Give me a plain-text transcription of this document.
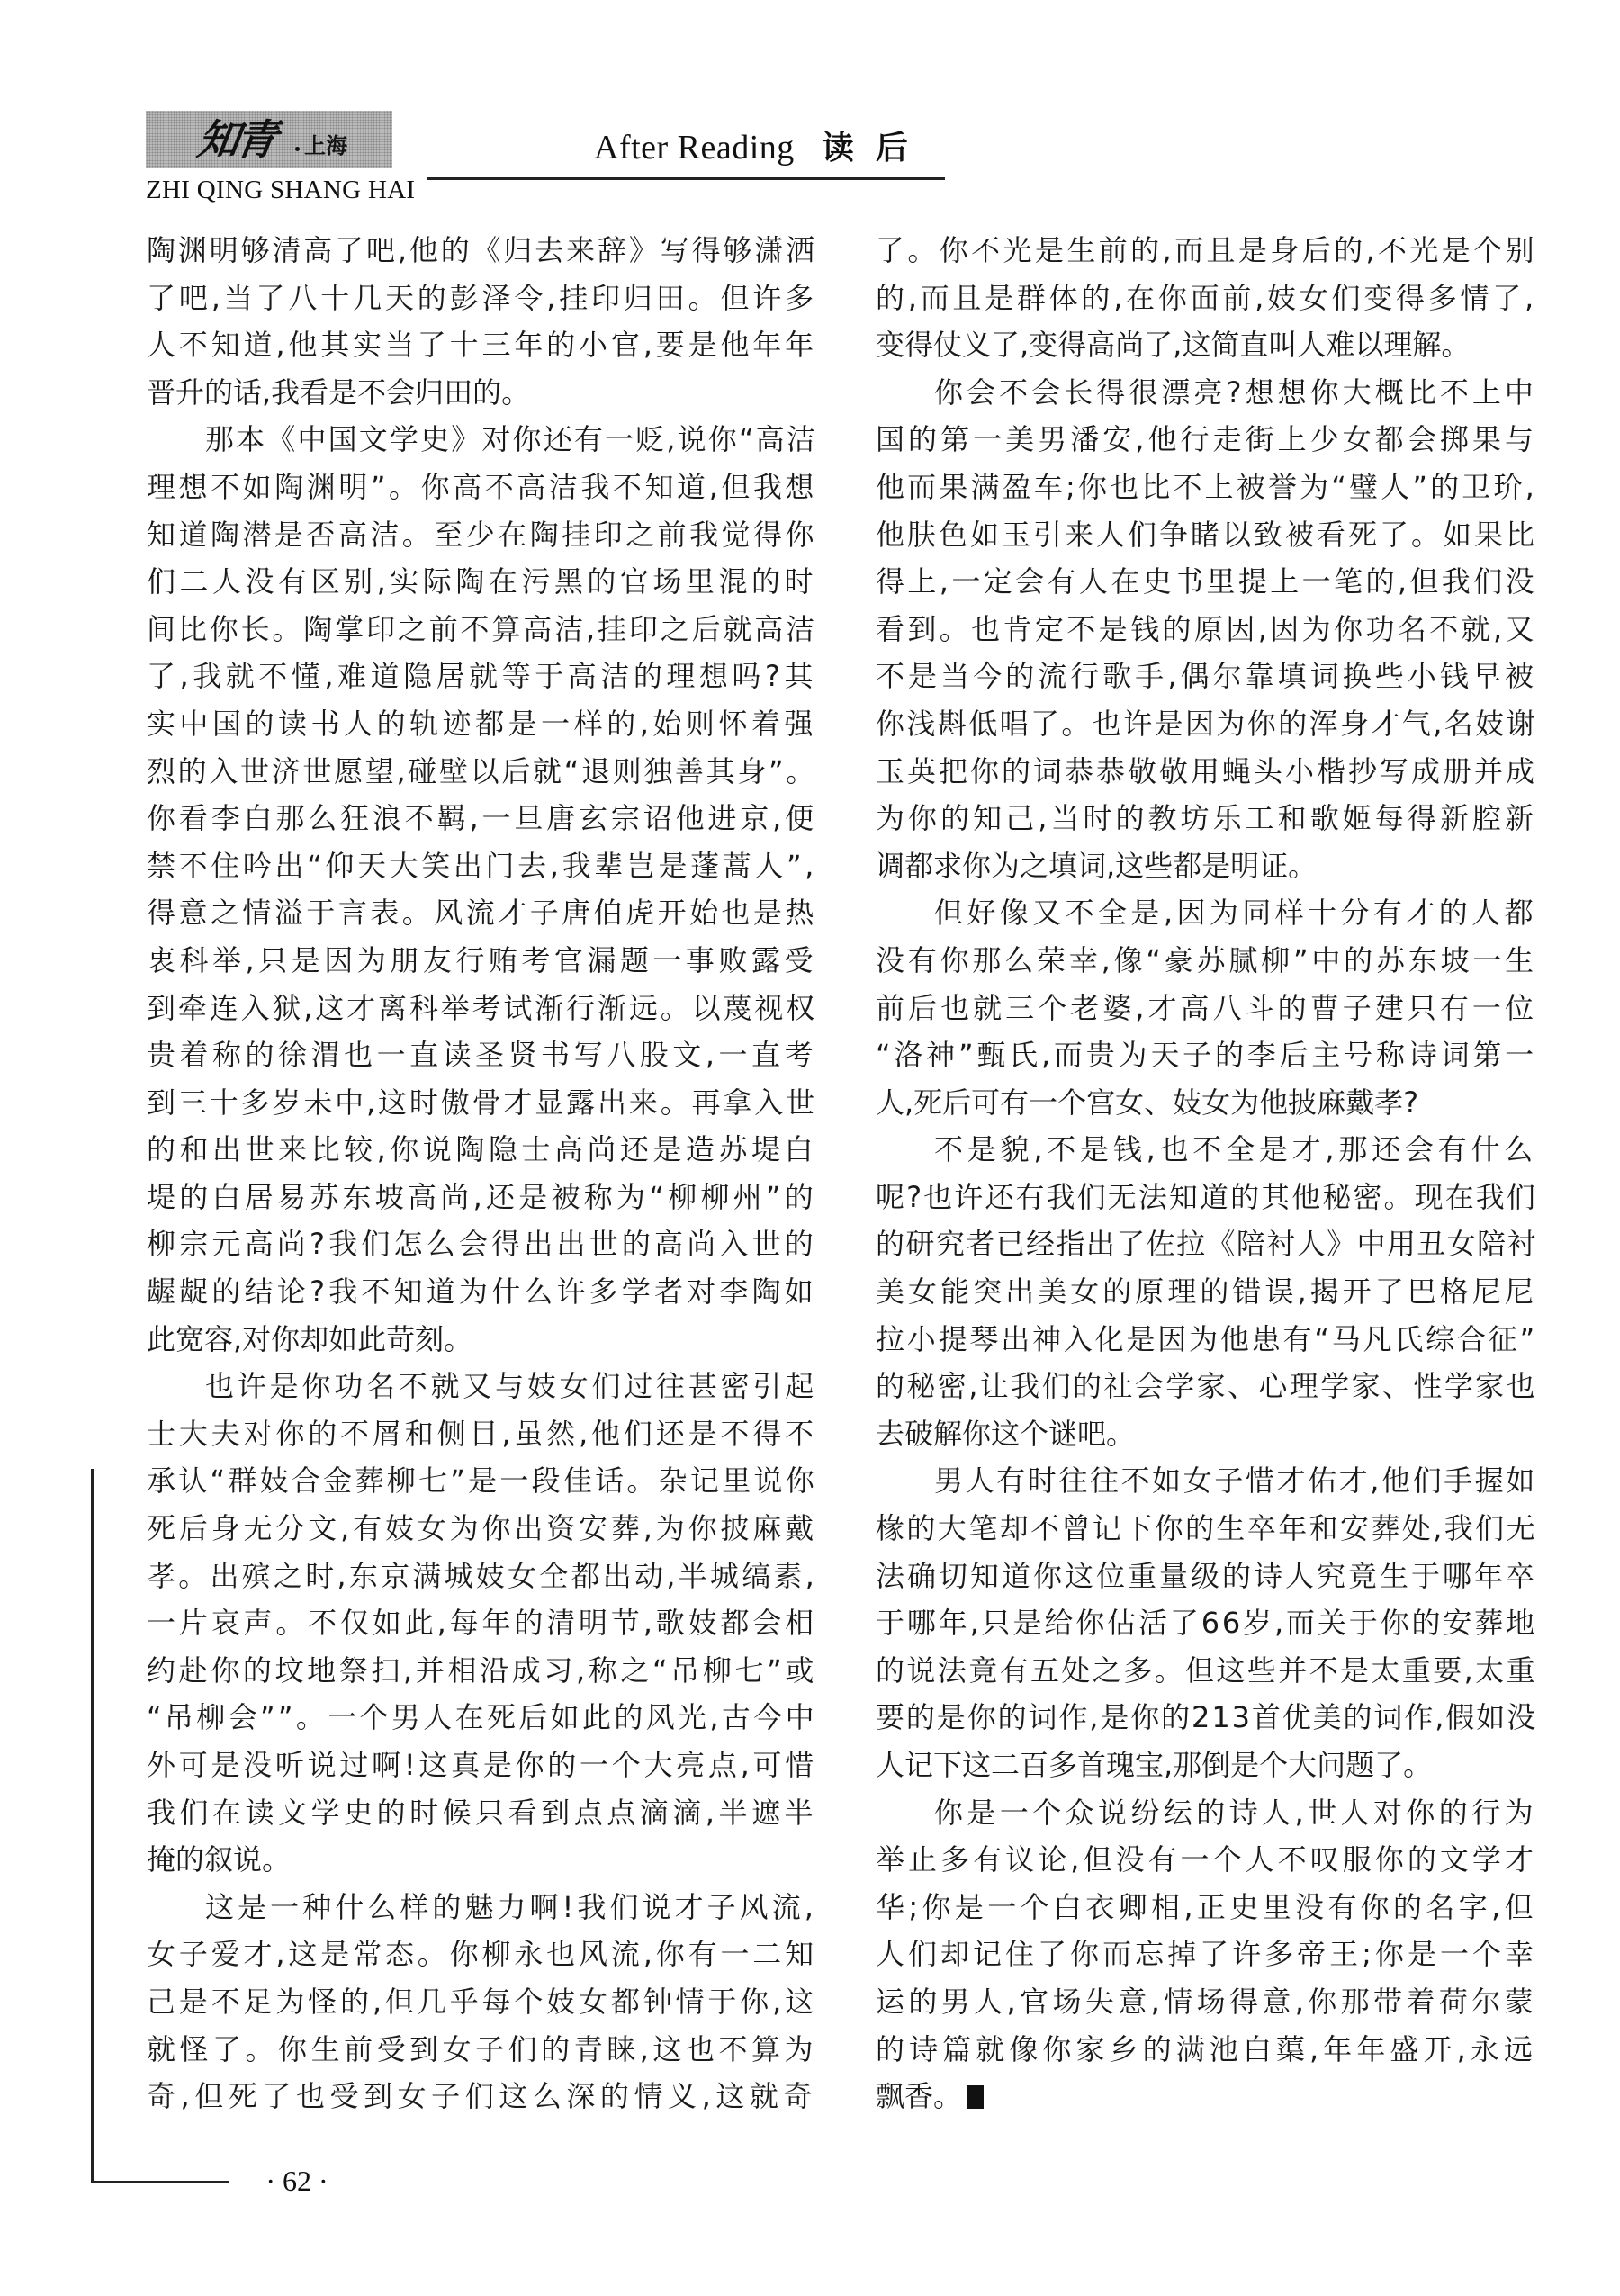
知青 上海
ZHI QING SHANG HAI
After Reading 读后
陶渊明够清高了吧,他的《归去来辞》写得够潇洒
了吧,当了八十几天的彭泽令,挂印归田。但许多
人不知道,他其实当了十三年的小官,要是他年年
晋升的话,我看是不会归田的。
那本《中国文学史》对你还有一贬,说你“高洁
理想不如陶渊明”。你高不高洁我不知道,但我想
知道陶潜是否高洁。至少在陶挂印之前我觉得你
们二人没有区别,实际陶在污黑的官场里混的时
间比你长。陶掌印之前不算高洁,挂印之后就高洁
了,我就不懂,难道隐居就等于高洁的理想吗?其
实中国的读书人的轨迹都是一样的,始则怀着强
烈的入世济世愿望,碰壁以后就“退则独善其身”。
你看李白那么狂浪不羁,一旦唐玄宗诏他进京,便
禁不住吟出“仰天大笑出门去,我辈岂是蓬蒿人”,
得意之情溢于言表。风流才子唐伯虎开始也是热
衷科举,只是因为朋友行贿考官漏题一事败露受
到牵连入狱,这才离科举考试渐行渐远。以蔑视权
贵着称的徐渭也一直读圣贤书写八股文,一直考
到三十多岁未中,这时傲骨才显露出来。再拿入世
的和出世来比较,你说陶隐士高尚还是造苏堤白
堤的白居易苏东坡高尚,还是被称为“柳柳州”的
柳宗元高尚?我们怎么会得出出世的高尚入世的
龌龊的结论?我不知道为什么许多学者对李陶如
此宽容,对你却如此苛刻。
也许是你功名不就又与妓女们过往甚密引起
士大夫对你的不屑和侧目,虽然,他们还是不得不
承认“群妓合金葬柳七”是一段佳话。杂记里说你
死后身无分文,有妓女为你出资安葬,为你披麻戴
孝。出殡之时,东京满城妓女全都出动,半城缟素,
一片哀声。不仅如此,每年的清明节,歌妓都会相
约赴你的坟地祭扫,并相沿成习,称之“吊柳七”或
“吊柳会””。一个男人在死后如此的风光,古今中
外可是没听说过啊!这真是你的一个大亮点,可惜
我们在读文学史的时候只看到点点滴滴,半遮半
掩的叙说。
这是一种什么样的魅力啊!我们说才子风流,
女子爱才,这是常态。你柳永也风流,你有一二知
己是不足为怪的,但几乎每个妓女都钟情于你,这
就怪了。你生前受到女子们的青睐,这也不算为
奇,但死了也受到女子们这么深的情义,这就奇
了。你不光是生前的,而且是身后的,不光是个别
的,而且是群体的,在你面前,妓女们变得多情了,
变得仗义了,变得高尚了,这简直叫人难以理解。
你会不会长得很漂亮?想想你大概比不上中
国的第一美男潘安,他行走街上少女都会掷果与
他而果满盈车;你也比不上被誉为“璧人”的卫玠,
他肤色如玉引来人们争睹以致被看死了。如果比
得上,一定会有人在史书里提上一笔的,但我们没
看到。也肯定不是钱的原因,因为你功名不就,又
不是当今的流行歌手,偶尔靠填词换些小钱早被
你浅斟低唱了。也许是因为你的浑身才气,名妓谢
玉英把你的词恭恭敬敬用蝇头小楷抄写成册并成
为你的知己,当时的教坊乐工和歌姬每得新腔新
调都求你为之填词,这些都是明证。
但好像又不全是,因为同样十分有才的人都
没有你那么荣幸,像“豪苏腻柳”中的苏东坡一生
前后也就三个老婆,才高八斗的曹子建只有一位
“洛神”甄氏,而贵为天子的李后主号称诗词第一
人,死后可有一个宫女、妓女为他披麻戴孝?
不是貌,不是钱,也不全是才,那还会有什么
呢?也许还有我们无法知道的其他秘密。现在我们
的研究者已经指出了佐拉《陪衬人》中用丑女陪衬
美女能突出美女的原理的错误,揭开了巴格尼尼
拉小提琴出神入化是因为他患有“马凡氏综合征”
的秘密,让我们的社会学家、心理学家、性学家也
去破解你这个谜吧。
男人有时往往不如女子惜才佑才,他们手握如
椽的大笔却不曾记下你的生卒年和安葬处,我们无
法确切知道你这位重量级的诗人究竟生于哪年卒
于哪年,只是给你估活了66岁,而关于你的安葬地
的说法竟有五处之多。但这些并不是太重要,太重
要的是你的词作,是你的213首优美的词作,假如没
人记下这二百多首瑰宝,那倒是个大问题了。
你是一个众说纷纭的诗人,世人对你的行为
举止多有议论,但没有一个人不叹服你的文学才
华;你是一个白衣卿相,正史里没有你的名字,但
人们却记住了你而忘掉了许多帝王;你是一个幸
运的男人,官场失意,情场得意,你那带着荷尔蒙
的诗篇就像你家乡的满池白蕖,年年盛开,永远
飘香。
· 62 ·
